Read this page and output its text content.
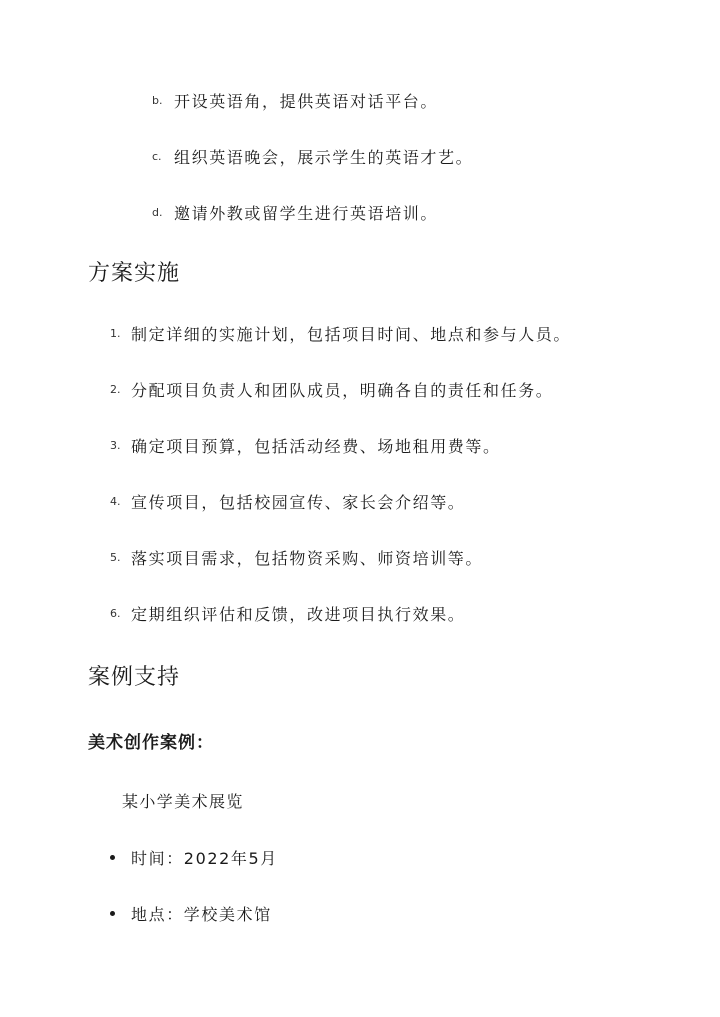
b. 开设英语角，提供英语对话平台。
c. 组织英语晚会，展示学生的英语才艺。
d. 邀请外教或留学生进行英语培训。
方案实施
1. 制定详细的实施计划，包括项目时间、地点和参与人员。
2. 分配项目负责人和团队成员，明确各自的责任和任务。
3. 确定项目预算，包括活动经费、场地租用费等。
4. 宣传项目，包括校园宣传、家长会介绍等。
5. 落实项目需求，包括物资采购、师资培训等。
6. 定期组织评估和反馈，改进项目执行效果。
案例支持
美术创作案例：
某小学美术展览
时间：2022年5月
地点：学校美术馆
